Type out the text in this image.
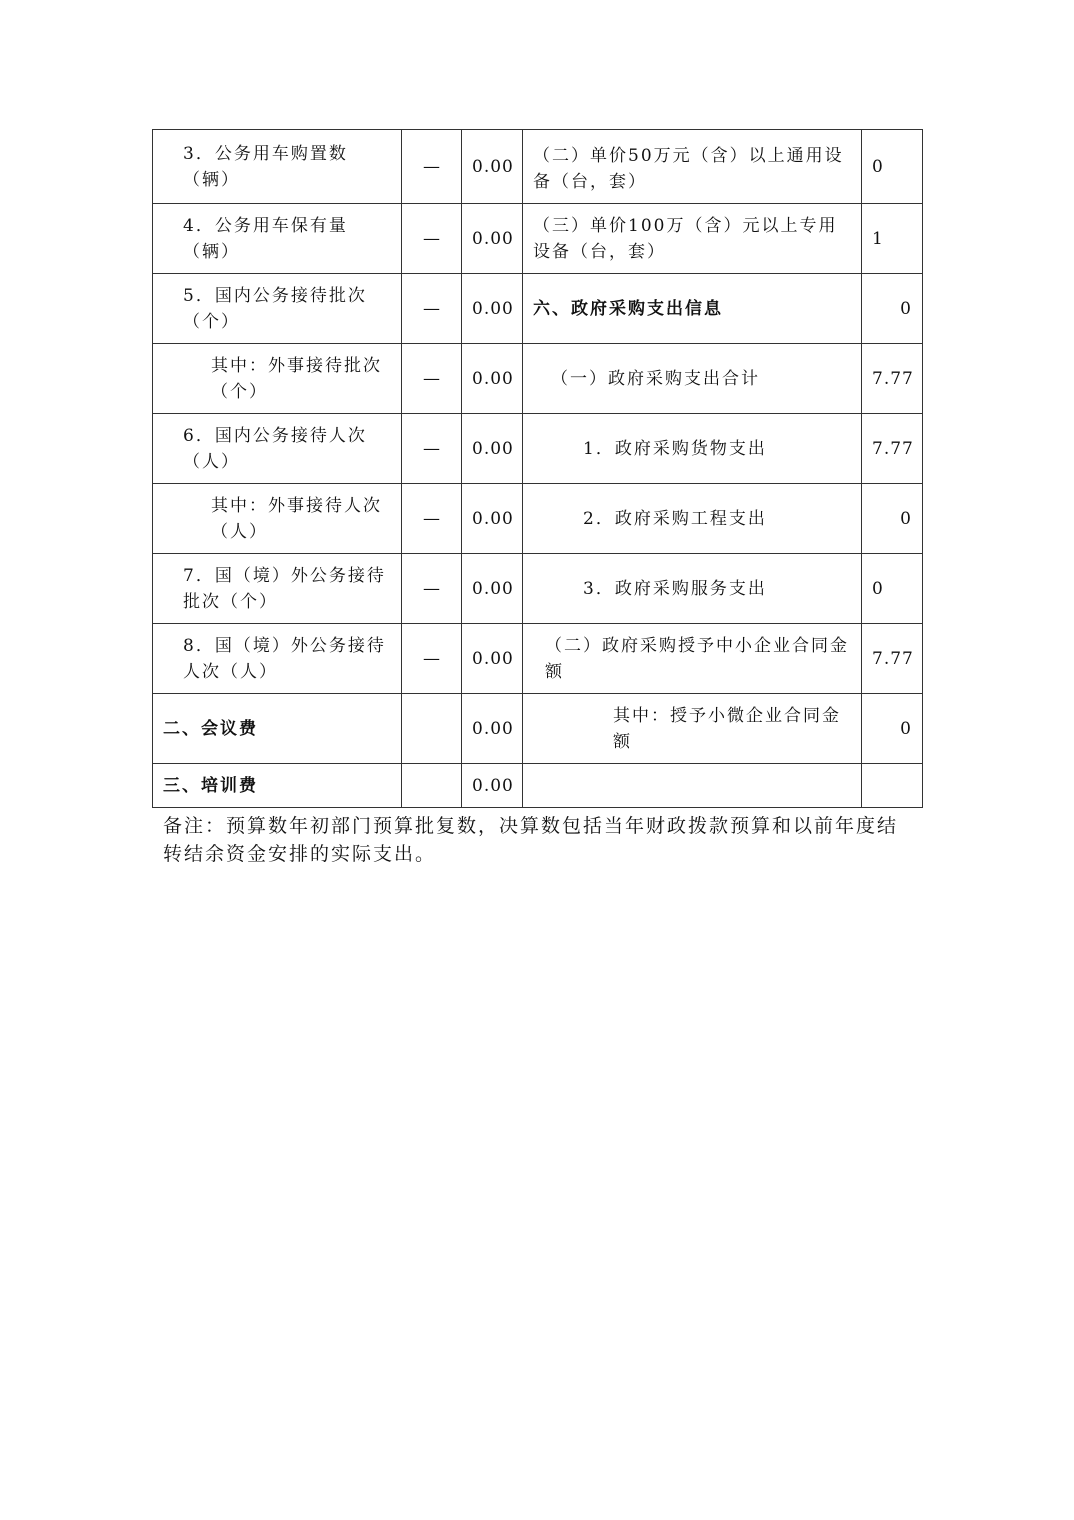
3．公务用车购置数（辆）	—	0.00	（二）单价50万元（含）以上通用设备（台，套）	0
4．公务用车保有量（辆）	—	0.00	（三）单价100万（含）元以上专用设备（台，套）	1
5．国内公务接待批次（个）	—	0.00	六、政府采购支出信息	0
其中：外事接待批次（个）	—	0.00	（一）政府采购支出合计	7.77
6．国内公务接待人次（人）	—	0.00	1．政府采购货物支出	7.77
其中：外事接待人次（人）	—	0.00	2．政府采购工程支出	0
7．国（境）外公务接待批次（个）	—	0.00	3．政府采购服务支出	0
8．国（境）外公务接待人次（人）	—	0.00	（二）政府采购授予中小企业合同金额	7.77
二、会议费		0.00	其中：授予小微企业合同金额	0
三、培训费		0.00		
备注：预算数年初部门预算批复数，决算数包括当年财政拨款预算和以前年度结转结余资金安排的实际支出。
